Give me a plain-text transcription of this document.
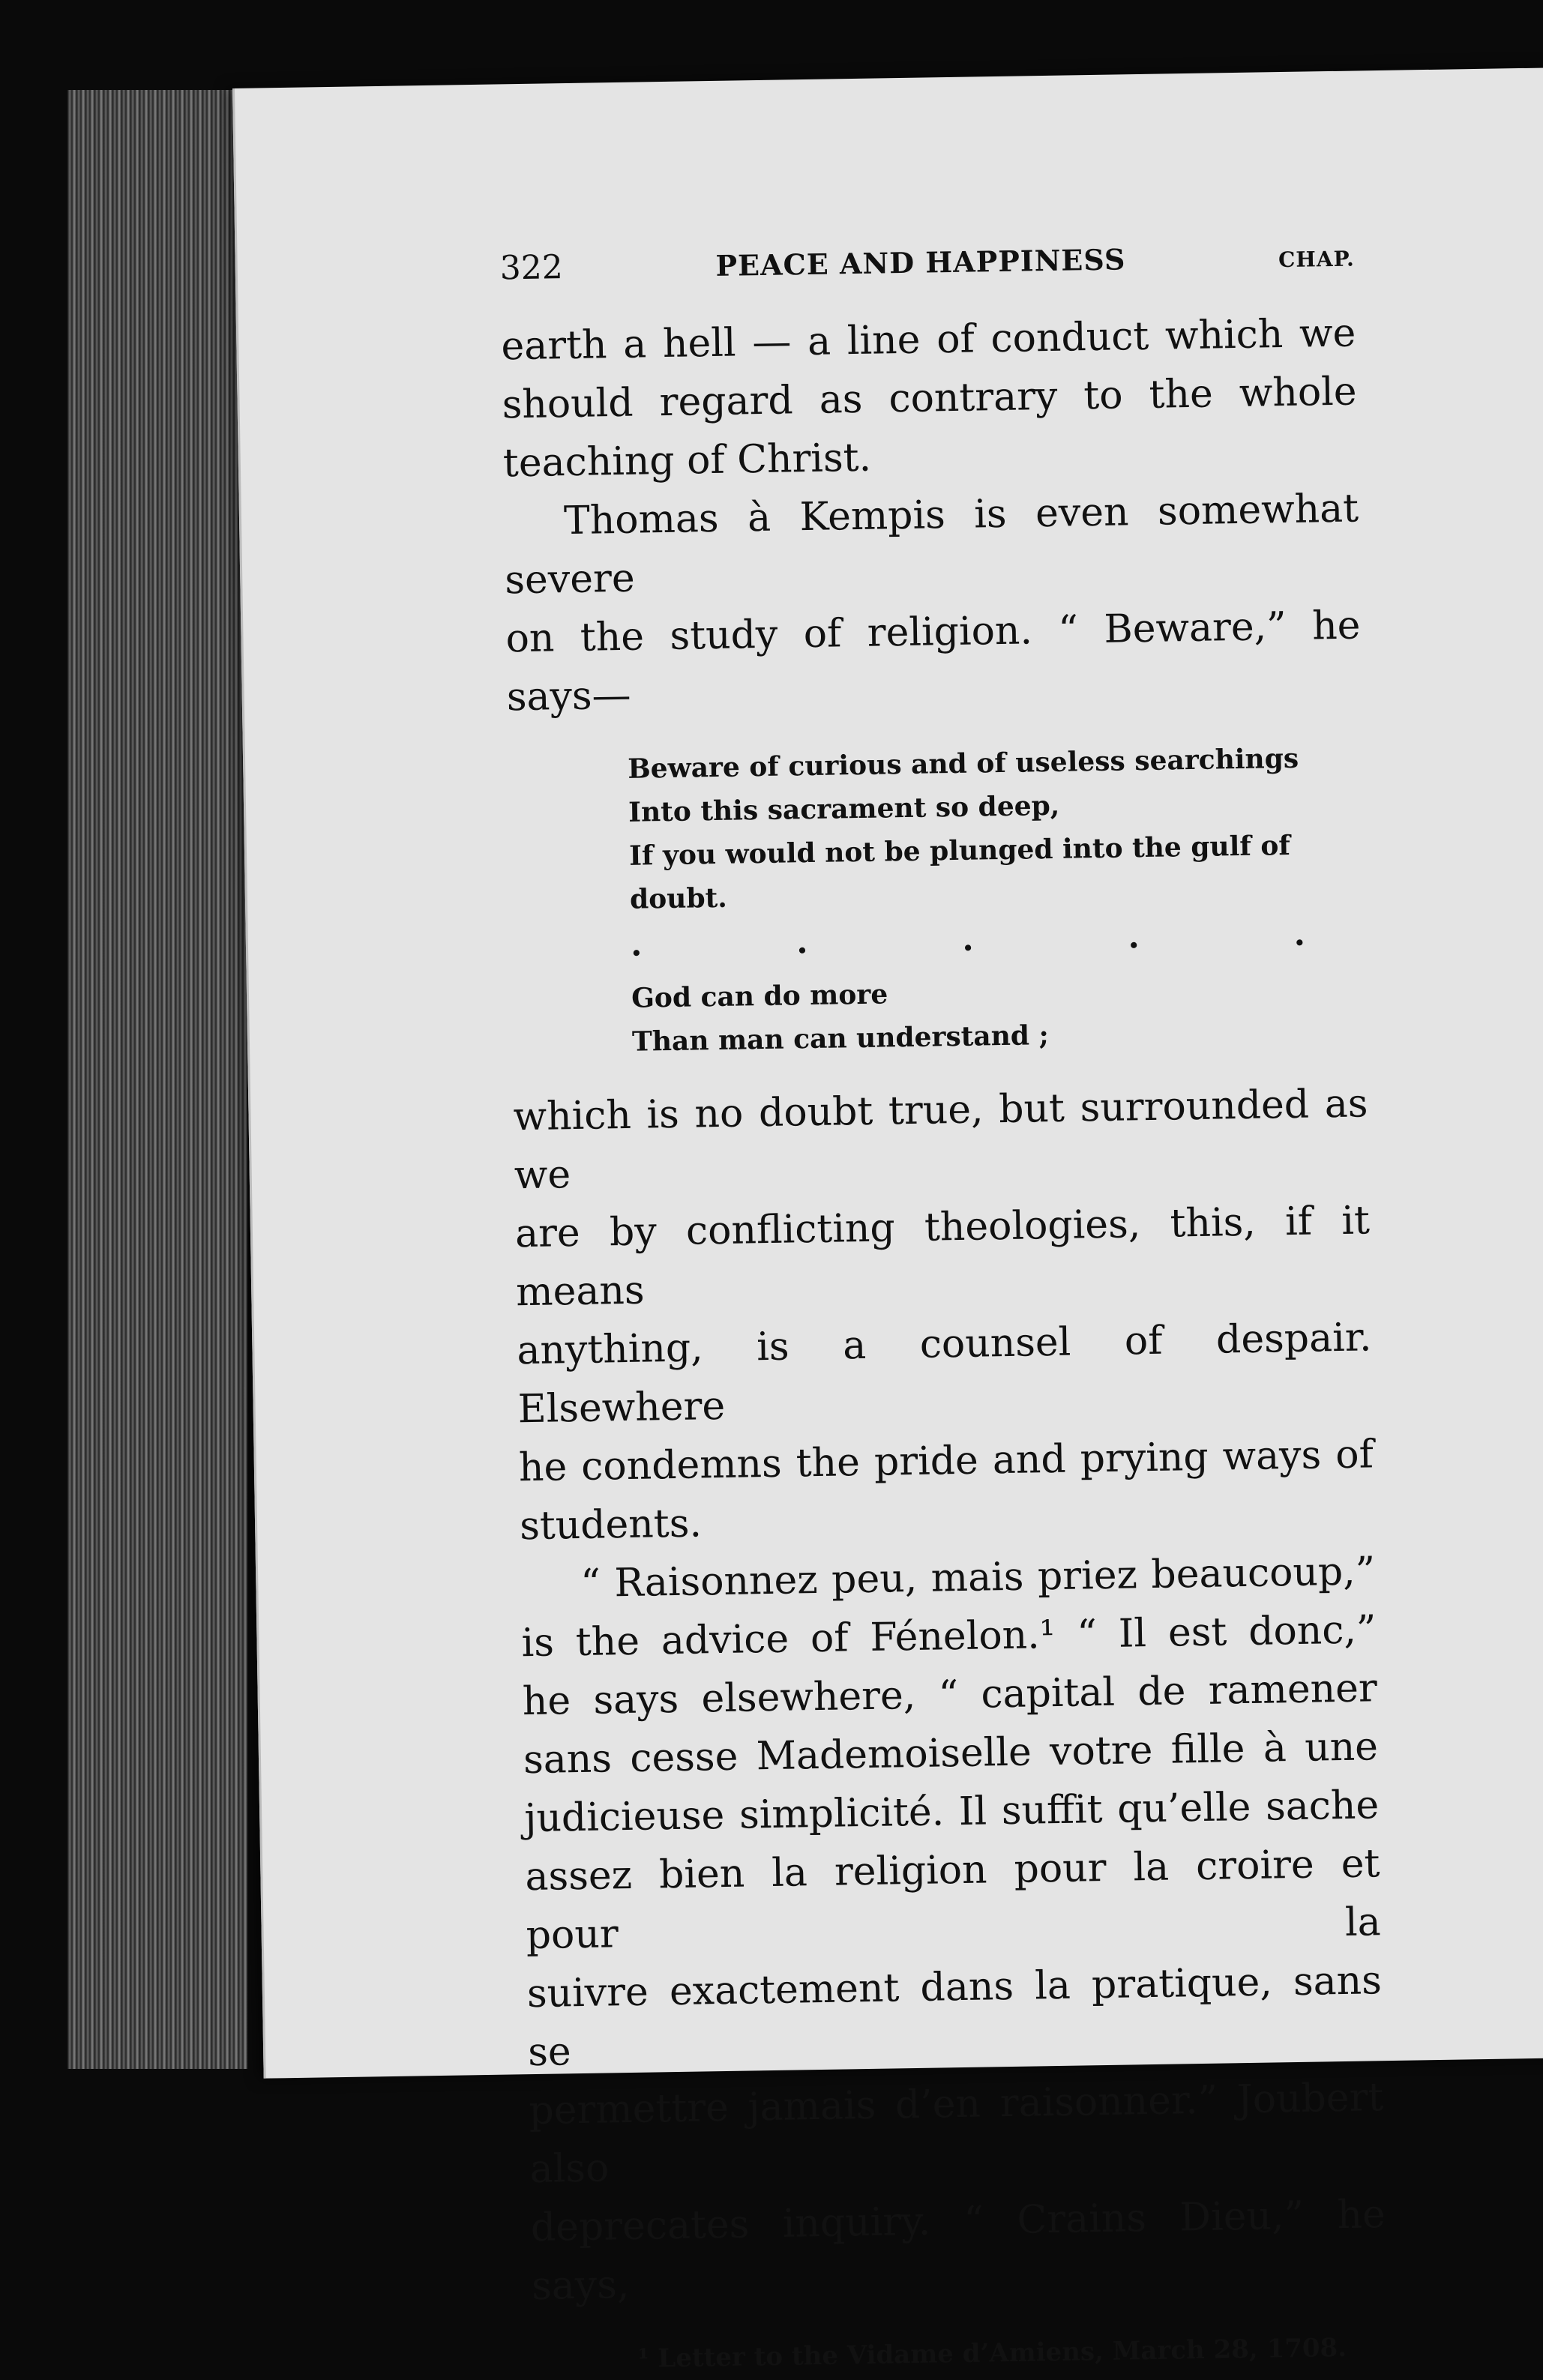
322	PEACE AND HAPPINESS	CHAP.

earth a hell — a line of conduct which we
should regard as contrary to the whole
teaching of Christ.

Thomas à Kempis is even somewhat severe
on the study of religion. “ Beware,” he says—

Beware of curious and of useless searchings
Into this sacrament so deep,
If you would not be plunged into the gulf of doubt.
.	.	.	.	.
God can do more
Than man can understand ;

which is no doubt true, but surrounded as we
are by conflicting theologies, this, if it means
anything, is a counsel of despair. Elsewhere
he condemns the pride and prying ways of
students.

“ Raisonnez peu, mais priez beaucoup,”
is the advice of Fénelon.¹ “ Il est donc,”
he says elsewhere, “ capital de ramener
sans cesse Mademoiselle votre fille à une
judicieuse simplicité. Il suffit qu’elle sache
assez bien la religion pour la croire et pour la
suivre exactement dans la pratique, sans se
permettre jamais d’en raisonner.” Joubert also
deprecates inquiry. “ Crains Dieu,” he says,

¹ Letter to the Vidame d’Amiens, March 28, 1708.
